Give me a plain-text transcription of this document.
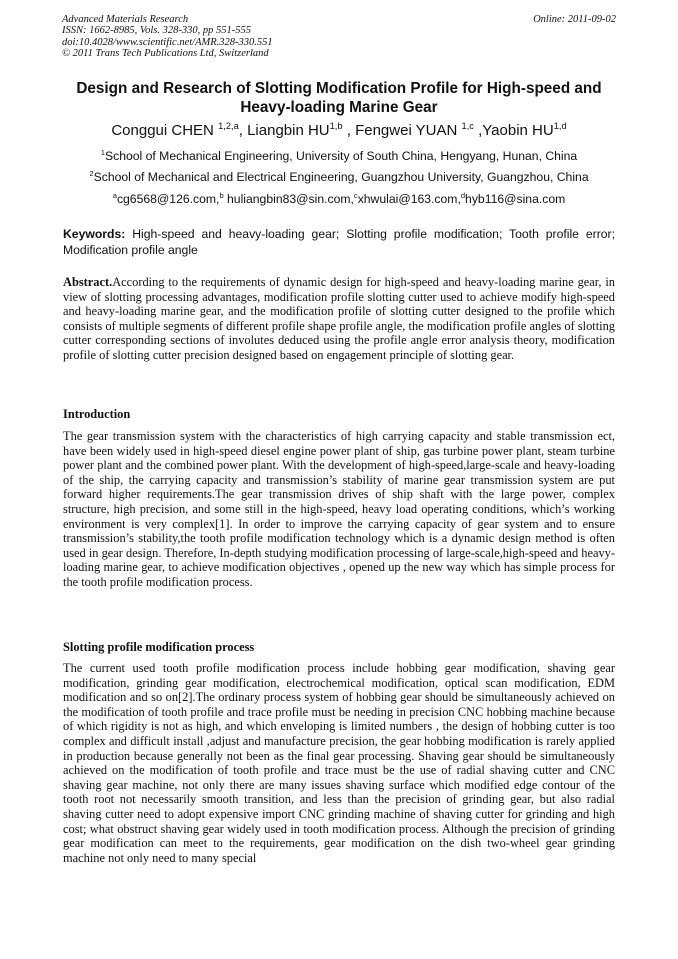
Advanced Materials Research
ISSN: 1662-8985, Vols. 328-330, pp 551-555
doi:10.4028/www.scientific.net/AMR.328-330.551
© 2011 Trans Tech Publications Ltd, Switzerland
Online: 2011-09-02
Design and Research of Slotting Modification Profile for High-speed and
Heavy-loading Marine Gear
Conggui CHEN $^{1,2,a}$, Liangbin HU$^{1,b}$ , Fengwei YUAN $^{1,c}$ ,Yaobin HU$^{1,d}$
$^1$School of Mechanical Engineering, University of South China, Hengyang, Hunan, China
$^2$School of Mechanical and Electrical Engineering, Guangzhou University, Guangzhou, China
$^a$cg6568@126.com,$^b$ huliangbin83@sin.com,$^c$xhwulai@163.com,$^d$hyb116@sina.com
Keywords: High-speed and heavy-loading gear; Slotting profile modification; Tooth profile error; Modification profile angle

Abstract.According to the requirements of dynamic design for high-speed and heavy-loading marine gear, in view of slotting processing advantages, modification profile slotting cutter used to achieve modify high-speed and heavy-loading marine gear, and the modification profile of slotting cutter designed to the profile which consists of multiple segments of different profile shape profile angle, the modification profile angles of slotting cutter corresponding sections of involutes deduced using the profile angle error analysis theory, modification profile of slotting cutter precision designed based on engagement principle of slotting gear.

Introduction

The gear transmission system with the characteristics of high carrying capacity and stable transmission ect, have been widely used in high-speed diesel engine power plant of ship, gas turbine power plant, steam turbine power plant and the combined power plant. With the development of high-speed,large-scale and heavy-loading of the ship, the carrying capacity and transmission’s stability of marine gear transmission system are put forward higher requirements.The gear transmission drives of ship shaft with the large power, complex structure, high precision, and some still in the high-speed, heavy load operating conditions, which’s working environment is very complex[1]. In order to improve the carrying capacity of gear system and to ensure transmission’s stability,the tooth profile modification technology which is a dynamic design method is often used in gear design. Therefore, In-depth studying modification processing of large-scale,high-speed and heavy-loading marine gear, to achieve modification objectives , opened up the new way which has simple process for the tooth profile modification process.

Slotting profile modification process

The current used tooth profile modification process include hobbing gear modification, shaving gear modification, grinding gear modification, electrochemical modification, optical scan modification, EDM modification and so on[2].The ordinary process system of hobbing gear should be simultaneously achieved on the modification of tooth profile and trace profile must be needing in precision CNC hobbing machine because of which rigidity is not as high, and which enveloping is limited numbers , the design of hobbing cutter is too complex and difficult install ,adjust and manufacture precision, the gear hobbing modification is rarely applied in production because generally not been as the final gear processing. Shaving gear should be simultaneously achieved on the modification of tooth profile and trace must be the use of radial shaving cutter and CNC shaving gear machine, not only there are many issues shaving surface which modified edge contour of the tooth root not necessarily smooth transition, and less than the precision of grinding gear, but also radial shaving cutter need to adopt expensive import CNC grinding machine of shaving cutter for grinding and high cost; what obstruct shaving gear widely used in tooth modification process. Although the precision of grinding gear modification can meet to the requirements, gear modification on the dish two-wheel gear grinding machine not only need to many special
